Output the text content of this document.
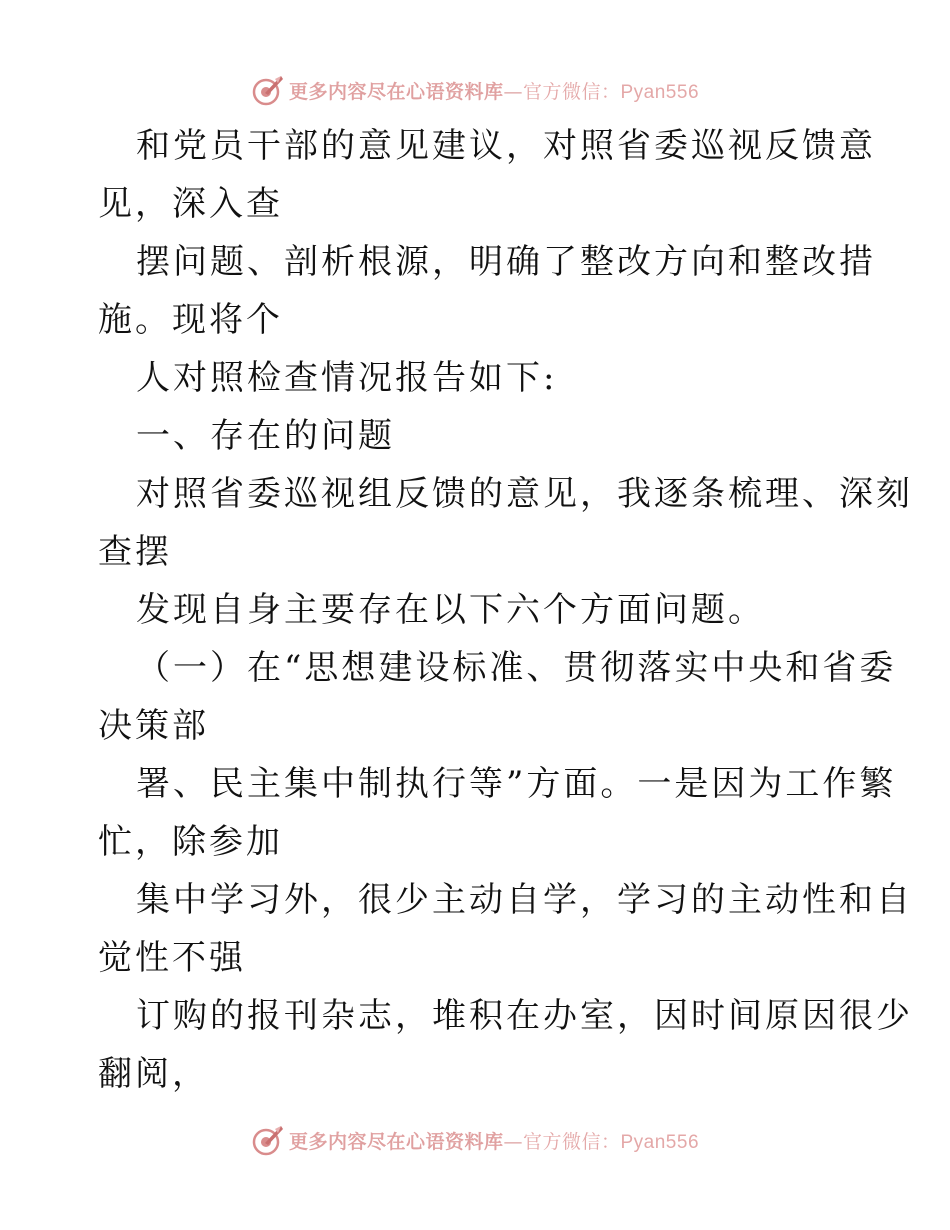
更多内容尽在心语资料库—官方微信：Pyan556
和党员干部的意见建议，对照省委巡视反馈意
见，深入查
摆问题、剖析根源，明确了整改方向和整改措
施。现将个
人对照检查情况报告如下:
一、存在的问题
对照省委巡视组反馈的意见，我逐条梳理、深刻
查摆
发现自身主要存在以下六个方面问题。
（一）在“思想建设标准、贯彻落实中央和省委
决策部
署、民主集中制执行等”方面。一是因为工作繁
忙，除参加
集中学习外，很少主动自学，学习的主动性和自
觉性不强
订购的报刊杂志，堆积在办室，因时间原因很少
翻阅，
更多内容尽在心语资料库—官方微信：Pyan556
